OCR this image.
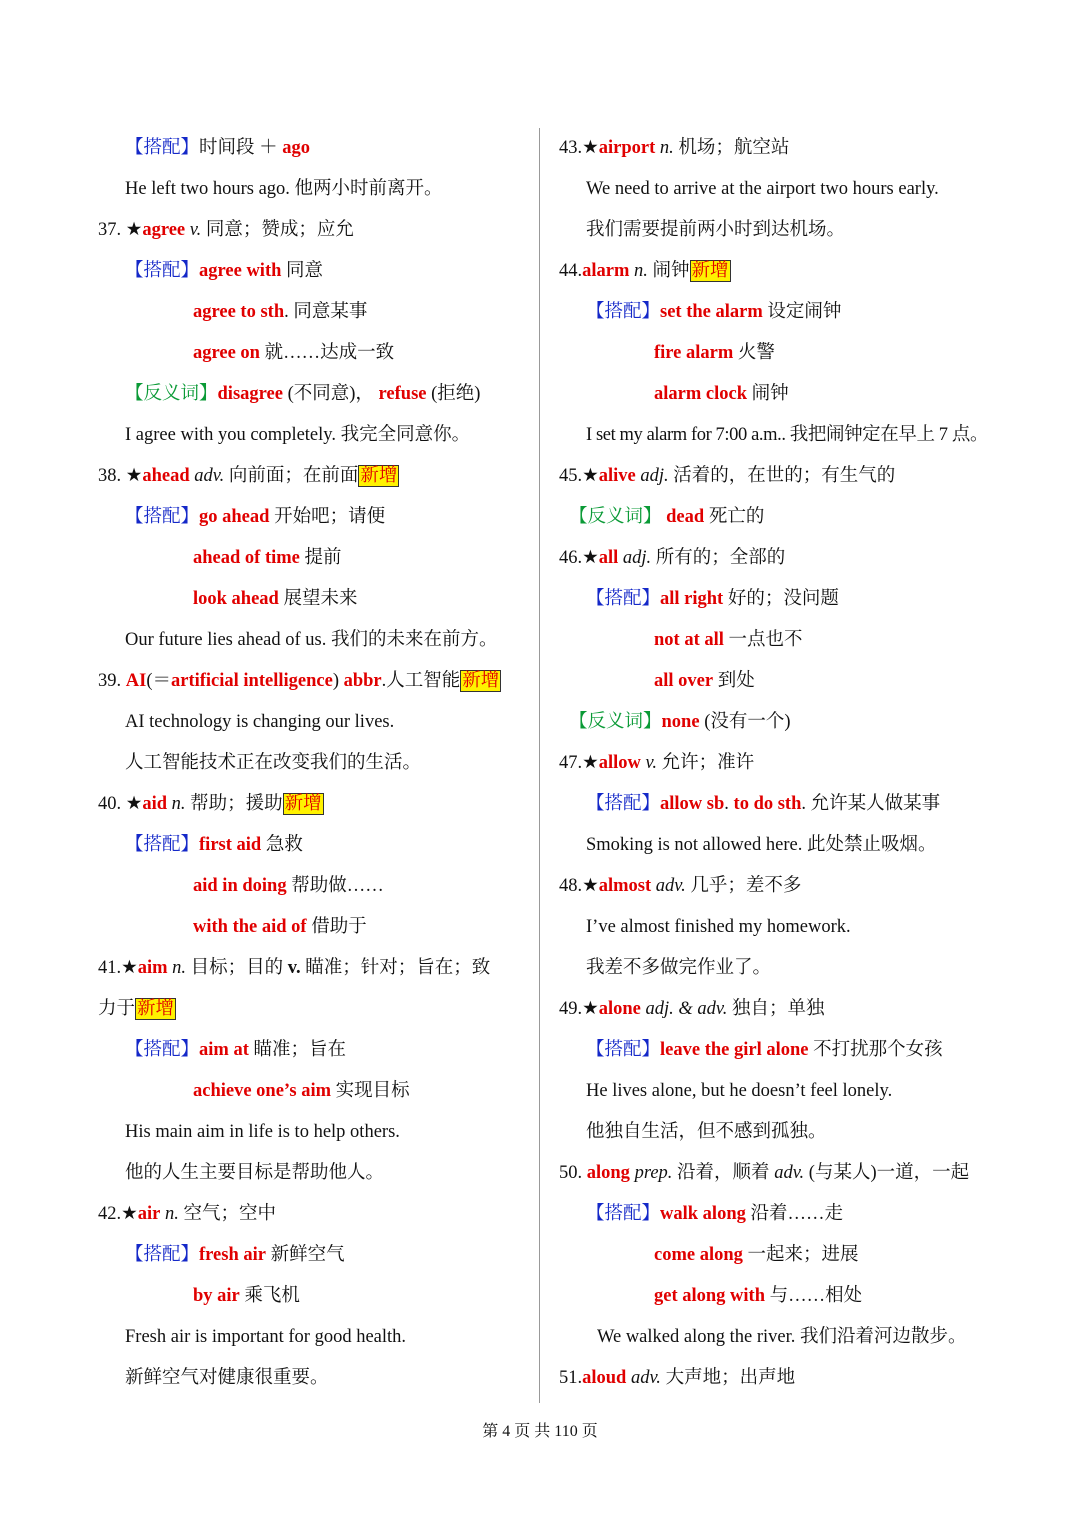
【搭配】时间段 ＋ ago
He left two hours ago. 他两小时前离开。
37. ★agree v. 同意；赞成；应允
【搭配】agree with 同意
agree to sth. 同意某事
agree on 就……达成一致
【反义词】disagree (不同意)， refuse (拒绝)
I agree with you completely. 我完全同意你。
38. ★ahead adv. 向前面；在前面 新增
【搭配】go ahead 开始吧；请便
ahead of time 提前
look ahead 展望未来
Our future lies ahead of us. 我们的未来在前方。
39. AI(＝artificial intelligence) abbr.人工智能 新增
AI technology is changing our lives.
人工智能技术正在改变我们的生活。
40. ★aid n. 帮助；援助 新增
【搭配】first aid 急救
aid in doing 帮助做……
with the aid of 借助于
41.★aim n. 目标；目的 v. 瞄准；针对；旨在；致
力于 新增
【搭配】aim at 瞄准；旨在
achieve one’s aim 实现目标
His main aim in life is to help others.
他的人生主要目标是帮助他人。
42.★air n. 空气；空中
【搭配】fresh air 新鲜空气
by air 乘飞机
Fresh air is important for good health.
新鲜空气对健康很重要。
43.★airport n. 机场；航空站
We need to arrive at the airport two hours early.
我们需要提前两小时到达机场。
44.alarm n. 闹钟 新增
【搭配】set the alarm 设定闹钟
fire alarm 火警
alarm clock 闹钟
I set my alarm for 7:00 a.m.. 我把闹钟定在早上 7 点。
45.★alive adj. 活着的，在世的；有生气的
【反义词】 dead 死亡的
46.★all adj. 所有的；全部的
【搭配】all right 好的；没问题
not at all 一点也不
all over 到处
【反义词】none (没有一个)
47.★allow v. 允许；准许
【搭配】allow sb. to do sth. 允许某人做某事
Smoking is not allowed here. 此处禁止吸烟。
48.★almost adv. 几乎；差不多
I’ve almost finished my homework.
我差不多做完作业了。
49.★alone adj. & adv. 独自；单独
【搭配】leave the girl alone 不打扰那个女孩
He lives alone, but he doesn’t feel lonely.
他独自生活，但不感到孤独。
50. along prep. 沿着，顺着 adv. (与某人)一道，一起
【搭配】walk along 沿着……走
come along 一起来；进展
get along with 与……相处
We walked along the river. 我们沿着河边散步。
51.aloud adv. 大声地；出声地
第 4 页 共 110 页
